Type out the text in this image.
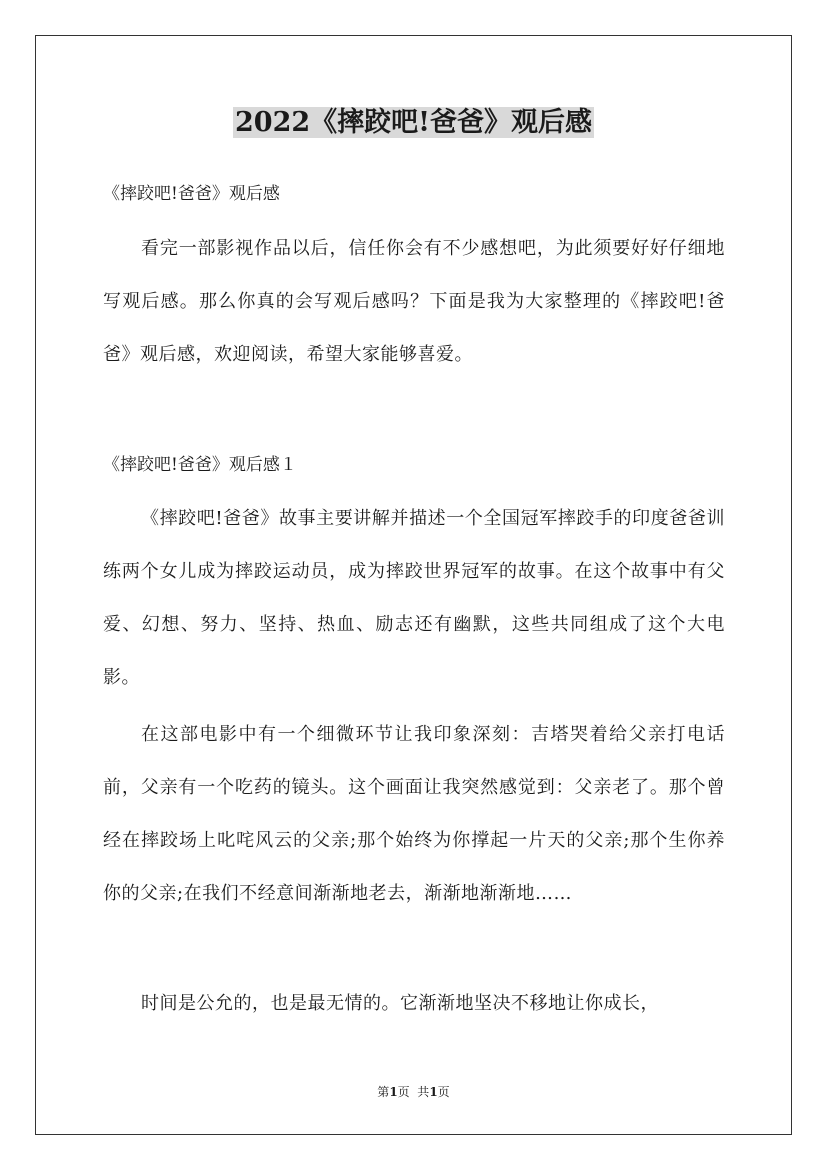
2022《摔跤吧!爸爸》观后感
《摔跤吧!爸爸》观后感
看完一部影视作品以后，信任你会有不少感想吧，为此须要好好仔细地写观后感。那么你真的会写观后感吗？下面是我为大家整理的《摔跤吧!爸爸》观后感，欢迎阅读，希望大家能够喜爱。
《摔跤吧!爸爸》观后感１
《摔跤吧!爸爸》故事主要讲解并描述一个全国冠军摔跤手的印度爸爸训练两个女儿成为摔跤运动员，成为摔跤世界冠军的故事。在这个故事中有父爱、幻想、努力、坚持、热血、励志还有幽默，这些共同组成了这个大电影。
在这部电影中有一个细微环节让我印象深刻：吉塔哭着给父亲打电话前，父亲有一个吃药的镜头。这个画面让我突然感觉到：父亲老了。那个曾经在摔跤场上叱咤风云的父亲;那个始终为你撑起一片天的父亲;那个生你养你的父亲;在我们不经意间渐渐地老去，渐渐地渐渐地……
时间是公允的，也是最无情的。它渐渐地坚决不移地让你成长，
第1页  共1页
